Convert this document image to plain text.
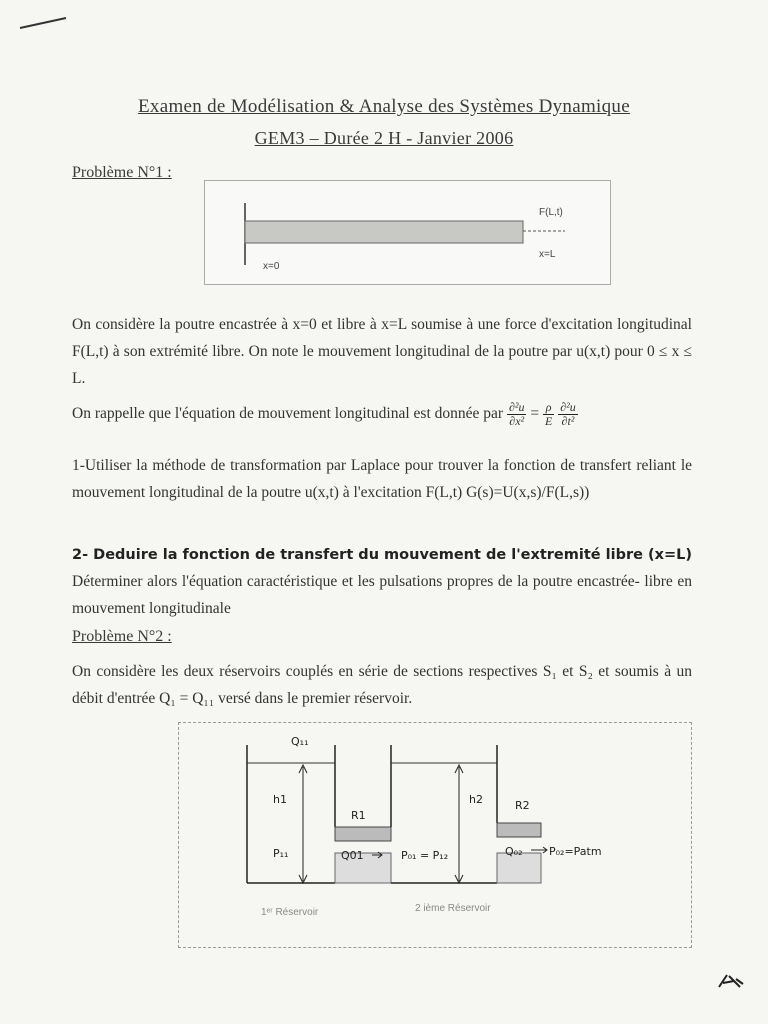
Examen de Modélisation & Analyse des Systèmes Dynamique
GEM3 – Durée 2 H - Janvier 2006
Problème N°1 :
F(L,t)
x=0
x=L
On considère la poutre encastrée à x=0 et libre à x=L soumise à une force d'excitation longitudinal F(L,t) à son extrémité libre. On note le mouvement longitudinal de la poutre par u(x,t) pour 0 ≤ x ≤ L.
On rappelle que l'équation de mouvement longitudinal est donnée par $\frac{\text{∂²u}}{\text{∂x²}} = \frac{\rho}{E}$
$\frac{\text{∂²u}}{\text{∂t²}}$
1-Utiliser la méthode de transformation par Laplace pour trouver la fonction de transfert reliant le mouvement longitudinal de la poutre u(x,t) à l'excitation F(L,t) G(s)=U(x,s)/F(L,s))
2- Deduire la fonction de transfert du mouvement de l'extremité libre (x=L)
Déterminer alors l'équation caractéristique et les pulsations propres de la poutre encastrée- libre en mouvement longitudinale
Problème N°2 :
On considère les deux réservoirs couplés en série de sections respectives S₁ et S₂ et soumis à un débit d'entrée Q₁ = Q₁₁ versé dans le premier réservoir.
Q₁₁
h1	h2
R1
R2
P₁₁	Q01	P₀₁ = P₁₂	Q₀₂ P₀₂=Patm
1ᵉʳ Réservoir	2 ième Réservoir
